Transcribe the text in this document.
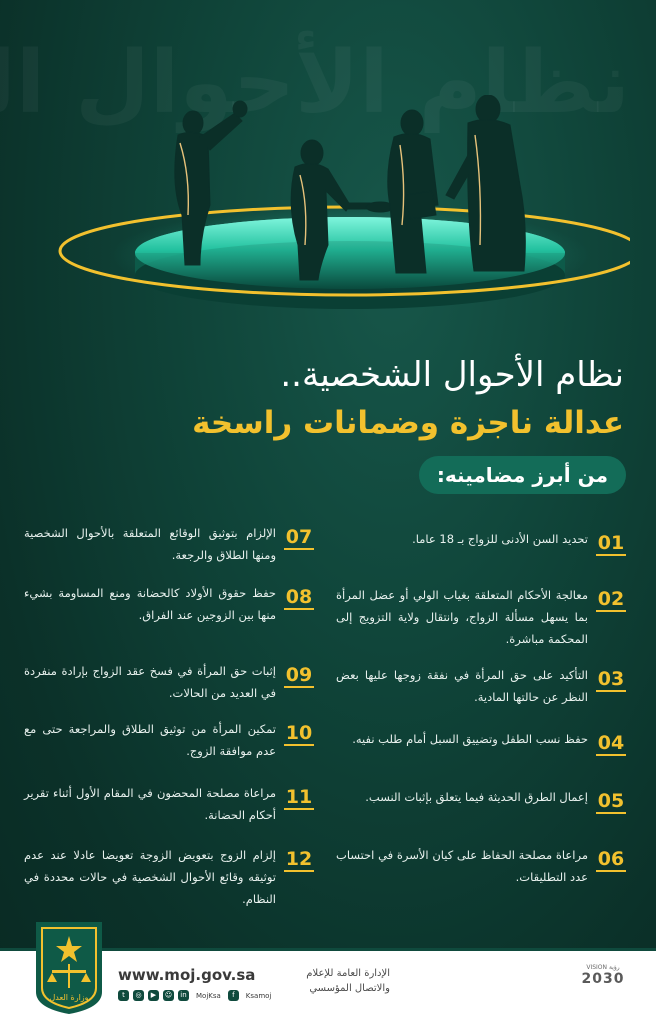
نظام الأحوال الشخصية..
عدالة ناجزة وضمانات راسخة
من أبرز مضامينه:
01
تحديد السن الأدنى للزواج بـ 18 عاما.
02
معالجة الأحكام المتعلقة بغياب الولي أو عضل المرأة بما يسهل مسألة الزواج، وانتقال ولاية التزويج إلى المحكمة مباشرة.
03
التأكيد على حق المرأة في نفقة زوجها عليها بعض النظر عن حالتها المادية.
04
حفظ نسب الطفل وتضييق السبل أمام طلب نفيه.
05
إعمال الطرق الحديثة فيما يتعلق بإثبات النسب.
06
مراعاة مصلحة الحفاظ على كيان الأسرة في احتساب عدد التطليقات.
07
الإلزام بتوثيق الوقائع المتعلقة بالأحوال الشخصية ومنها الطلاق والرجعة.
08
حفظ حقوق الأولاد كالحضانة ومنع المساومة بشيء منها بين الزوجين عند الفراق.
09
إثبات حق المرأة في فسخ عقد الزواج بإرادة منفردة في العديد من الحالات.
10
تمكين المرأة من توثيق الطلاق والمراجعة حتى مع عدم موافقة الزوج.
11
مراعاة مصلحة المحضون في المقام الأول أثناء تقرير أحكام الحضانة.
12
إلزام الزوج بتعويض الزوجة تعويضا عادلا عند عدم توثيقه وقائع الأحوال الشخصية في حالات محددة في النظام.
وزارة العدل
www.moj.gov.sa
t	◎	▶	☺	in	MojKsa	f	Ksamoj
الإدارة العامة للإعلام والاتصال المؤسسي
VISION رؤية
2030
